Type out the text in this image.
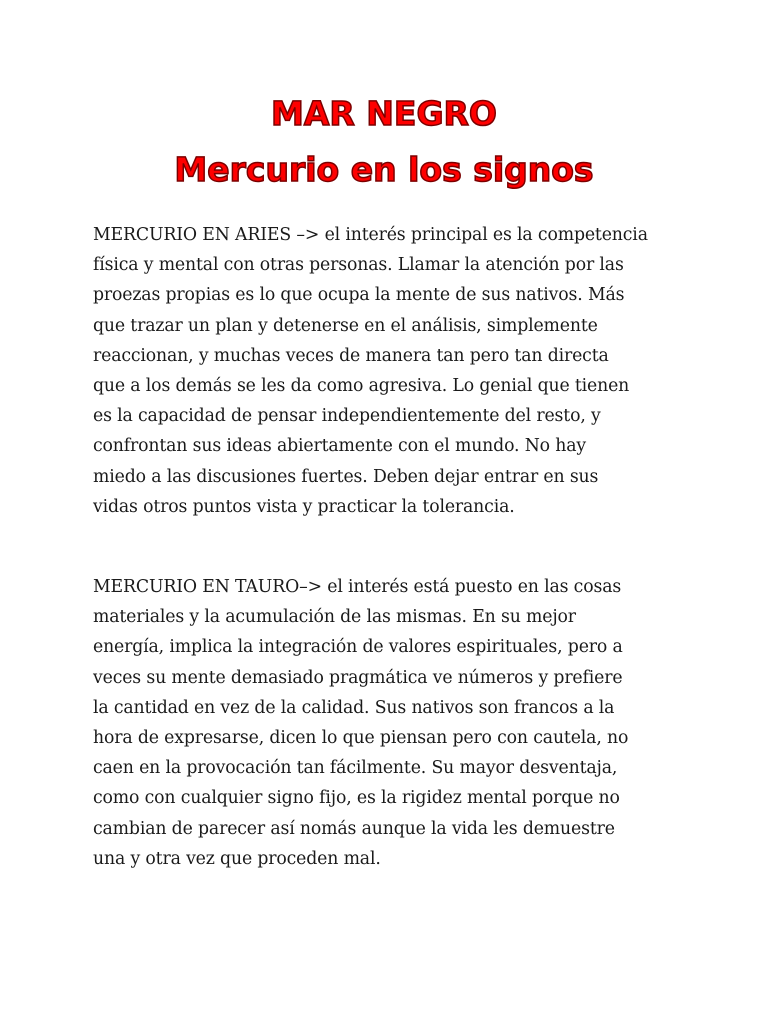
MAR NEGRO
Mercurio en los signos

MERCURIO EN ARIES –> el interés principal es la competencia
física y mental con otras personas. Llamar la atención por las
proezas propias es lo que ocupa la mente de sus nativos. Más
que trazar un plan y detenerse en el análisis, simplemente
reaccionan, y muchas veces de manera tan pero tan directa
que a los demás se les da como agresiva. Lo genial que tienen
es la capacidad de pensar independientemente del resto, y
confrontan sus ideas abiertamente con el mundo. No hay
miedo a las discusiones fuertes. Deben dejar entrar en sus
vidas otros puntos vista y practicar la tolerancia.

MERCURIO EN TAURO–> el interés está puesto en las cosas
materiales y la acumulación de las mismas. En su mejor
energía, implica la integración de valores espirituales, pero a
veces su mente demasiado pragmática ve números y prefiere
la cantidad en vez de la calidad. Sus nativos son francos a la
hora de expresarse, dicen lo que piensan pero con cautela, no
caen en la provocación tan fácilmente. Su mayor desventaja,
como con cualquier signo fijo, es la rigidez mental porque no
cambian de parecer así nomás aunque la vida les demuestre
una y otra vez que proceden mal.
